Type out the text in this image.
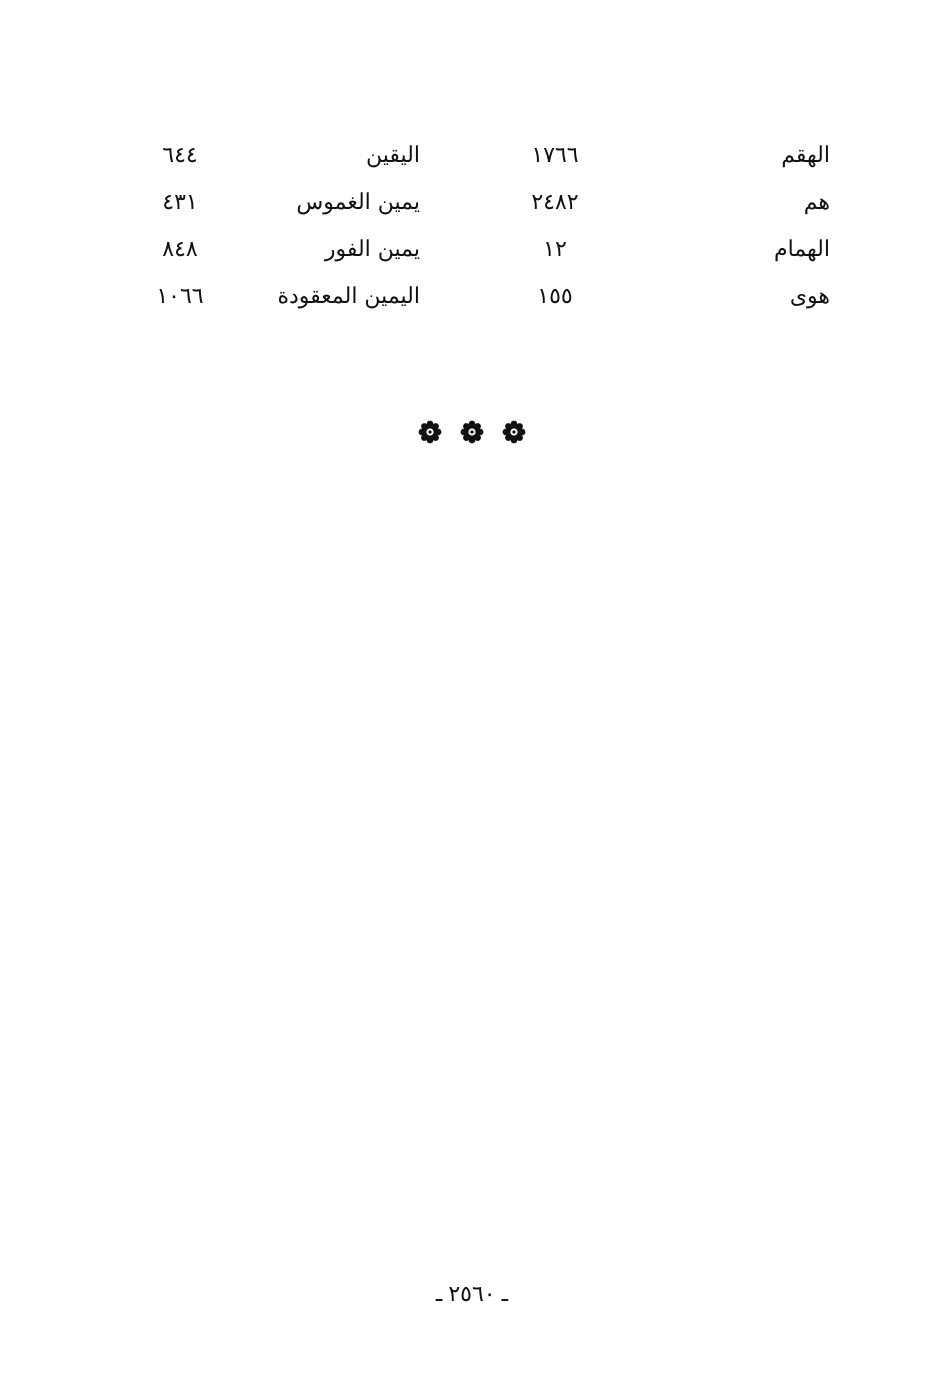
الهقم
١٧٦٦
اليقين
٦٤٤
هم
٢٤٨٢
يمين الغموس
٤٣١
الهمام
١٢
يمين الفور
٨٤٨
هوى
١٥٥
اليمين المعقودة
١٠٦٦
ـ٢٥٦٠ـ
